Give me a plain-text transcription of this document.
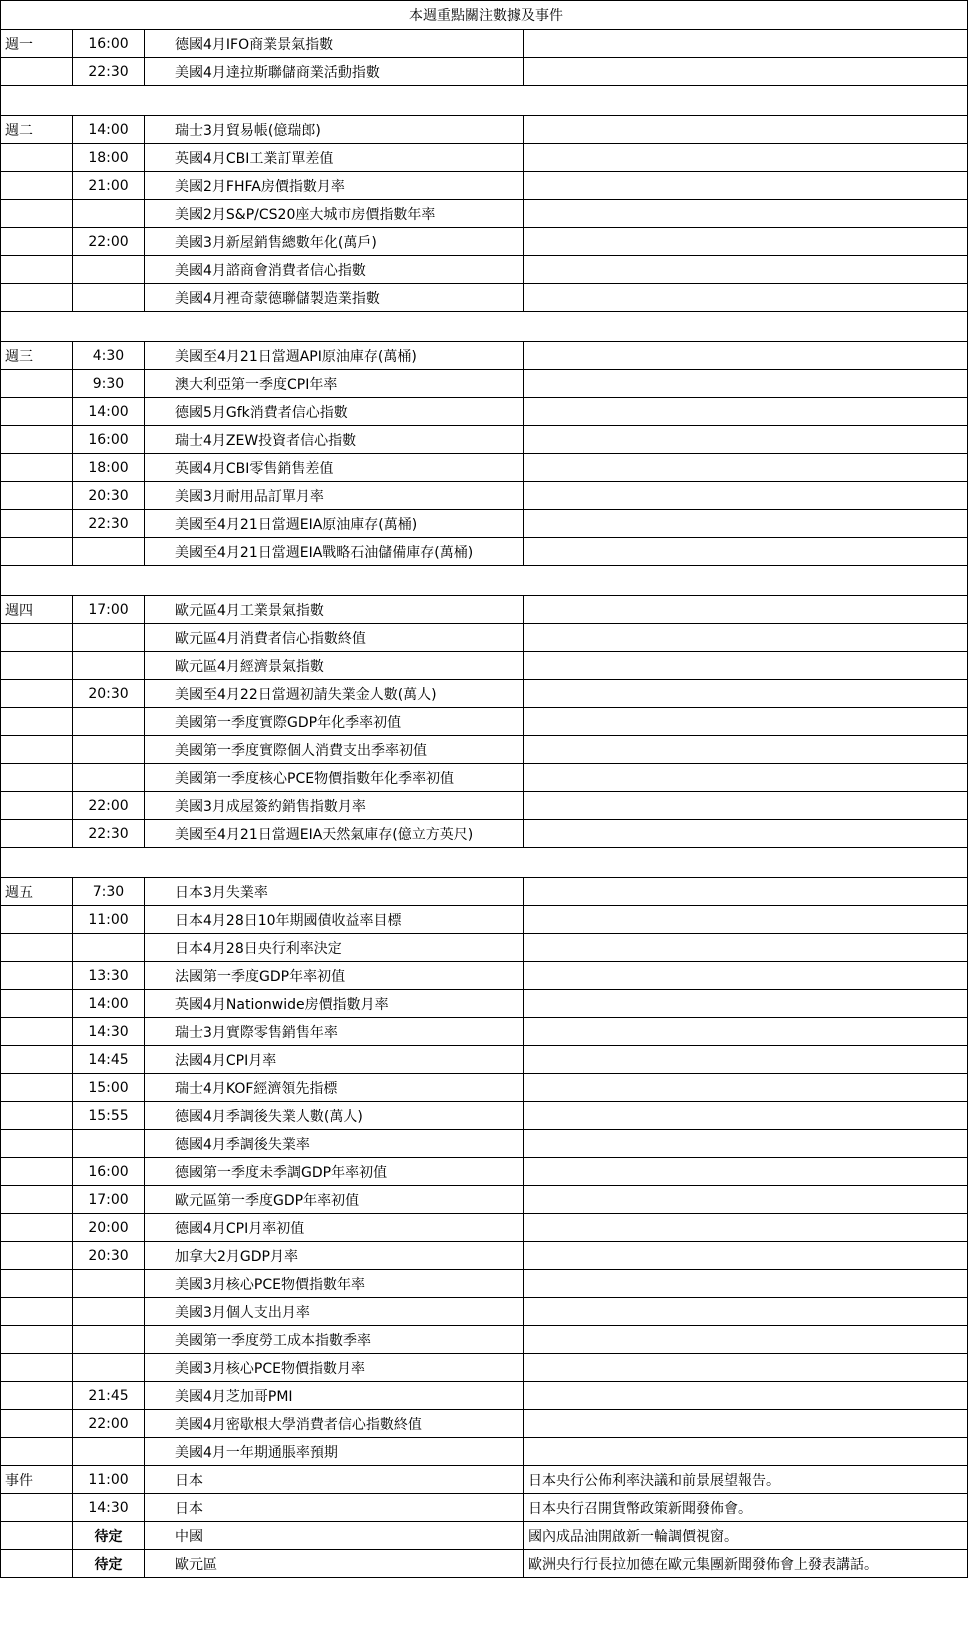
本週重點關注數據及事件			
週一	16:00	德國4月IFO商業景氣指數	
	22:30	美國4月達拉斯聯儲商業活動指數	

週二	14:00	瑞士3月貿易帳(億瑞郎)	
	18:00	英國4月CBI工業訂單差值	
	21:00	美國2月FHFA房價指數月率	
		美國2月S&P/CS20座大城市房價指數年率	
	22:00	美國3月新屋銷售總數年化(萬戶)	
		美國4月諮商會消費者信心指數	
		美國4月裡奇蒙德聯儲製造業指數	

週三	4:30	美國至4月21日當週API原油庫存(萬桶)	
	9:30	澳大利亞第一季度CPI年率	
	14:00	德國5月Gfk消費者信心指數	
	16:00	瑞士4月ZEW投資者信心指數	
	18:00	英國4月CBI零售銷售差值	
	20:30	美國3月耐用品訂單月率	
	22:30	美國至4月21日當週EIA原油庫存(萬桶)	
		美國至4月21日當週EIA戰略石油儲備庫存(萬桶)	

週四	17:00	歐元區4月工業景氣指數	
		歐元區4月消費者信心指數終值	
		歐元區4月經濟景氣指數	
	20:30	美國至4月22日當週初請失業金人數(萬人)	
		美國第一季度實際GDP年化季率初值	
		美國第一季度實際個人消費支出季率初值	
		美國第一季度核心PCE物價指數年化季率初值	
	22:00	美國3月成屋簽約銷售指數月率	
	22:30	美國至4月21日當週EIA天然氣庫存(億立方英尺)	

週五	7:30	日本3月失業率	
	11:00	日本4月28日10年期國債收益率目標	
		日本4月28日央行利率決定	
	13:30	法國第一季度GDP年率初值	
	14:00	英國4月Nationwide房價指數月率	
	14:30	瑞士3月實際零售銷售年率	
	14:45	法國4月CPI月率	
	15:00	瑞士4月KOF經濟領先指標	
	15:55	德國4月季調後失業人數(萬人)	
		德國4月季調後失業率	
	16:00	德國第一季度未季調GDP年率初值	
	17:00	歐元區第一季度GDP年率初值	
	20:00	德國4月CPI月率初值	
	20:30	加拿大2月GDP月率	
		美國3月核心PCE物價指數年率	
		美國3月個人支出月率	
		美國第一季度勞工成本指數季率	
		美國3月核心PCE物價指數月率	
	21:45	美國4月芝加哥PMI	
	22:00	美國4月密歇根大學消費者信心指數終值	
		美國4月一年期通脹率預期	
事件	11:00	日本	日本央行公佈利率決議和前景展望報告。
	14:30	日本	日本央行召開貨幣政策新聞發佈會。
	待定	中國	國內成品油開啟新一輪調價視窗。
	待定	歐元區	歐洲央行行長拉加德在歐元集團新聞發佈會上發表講話。
